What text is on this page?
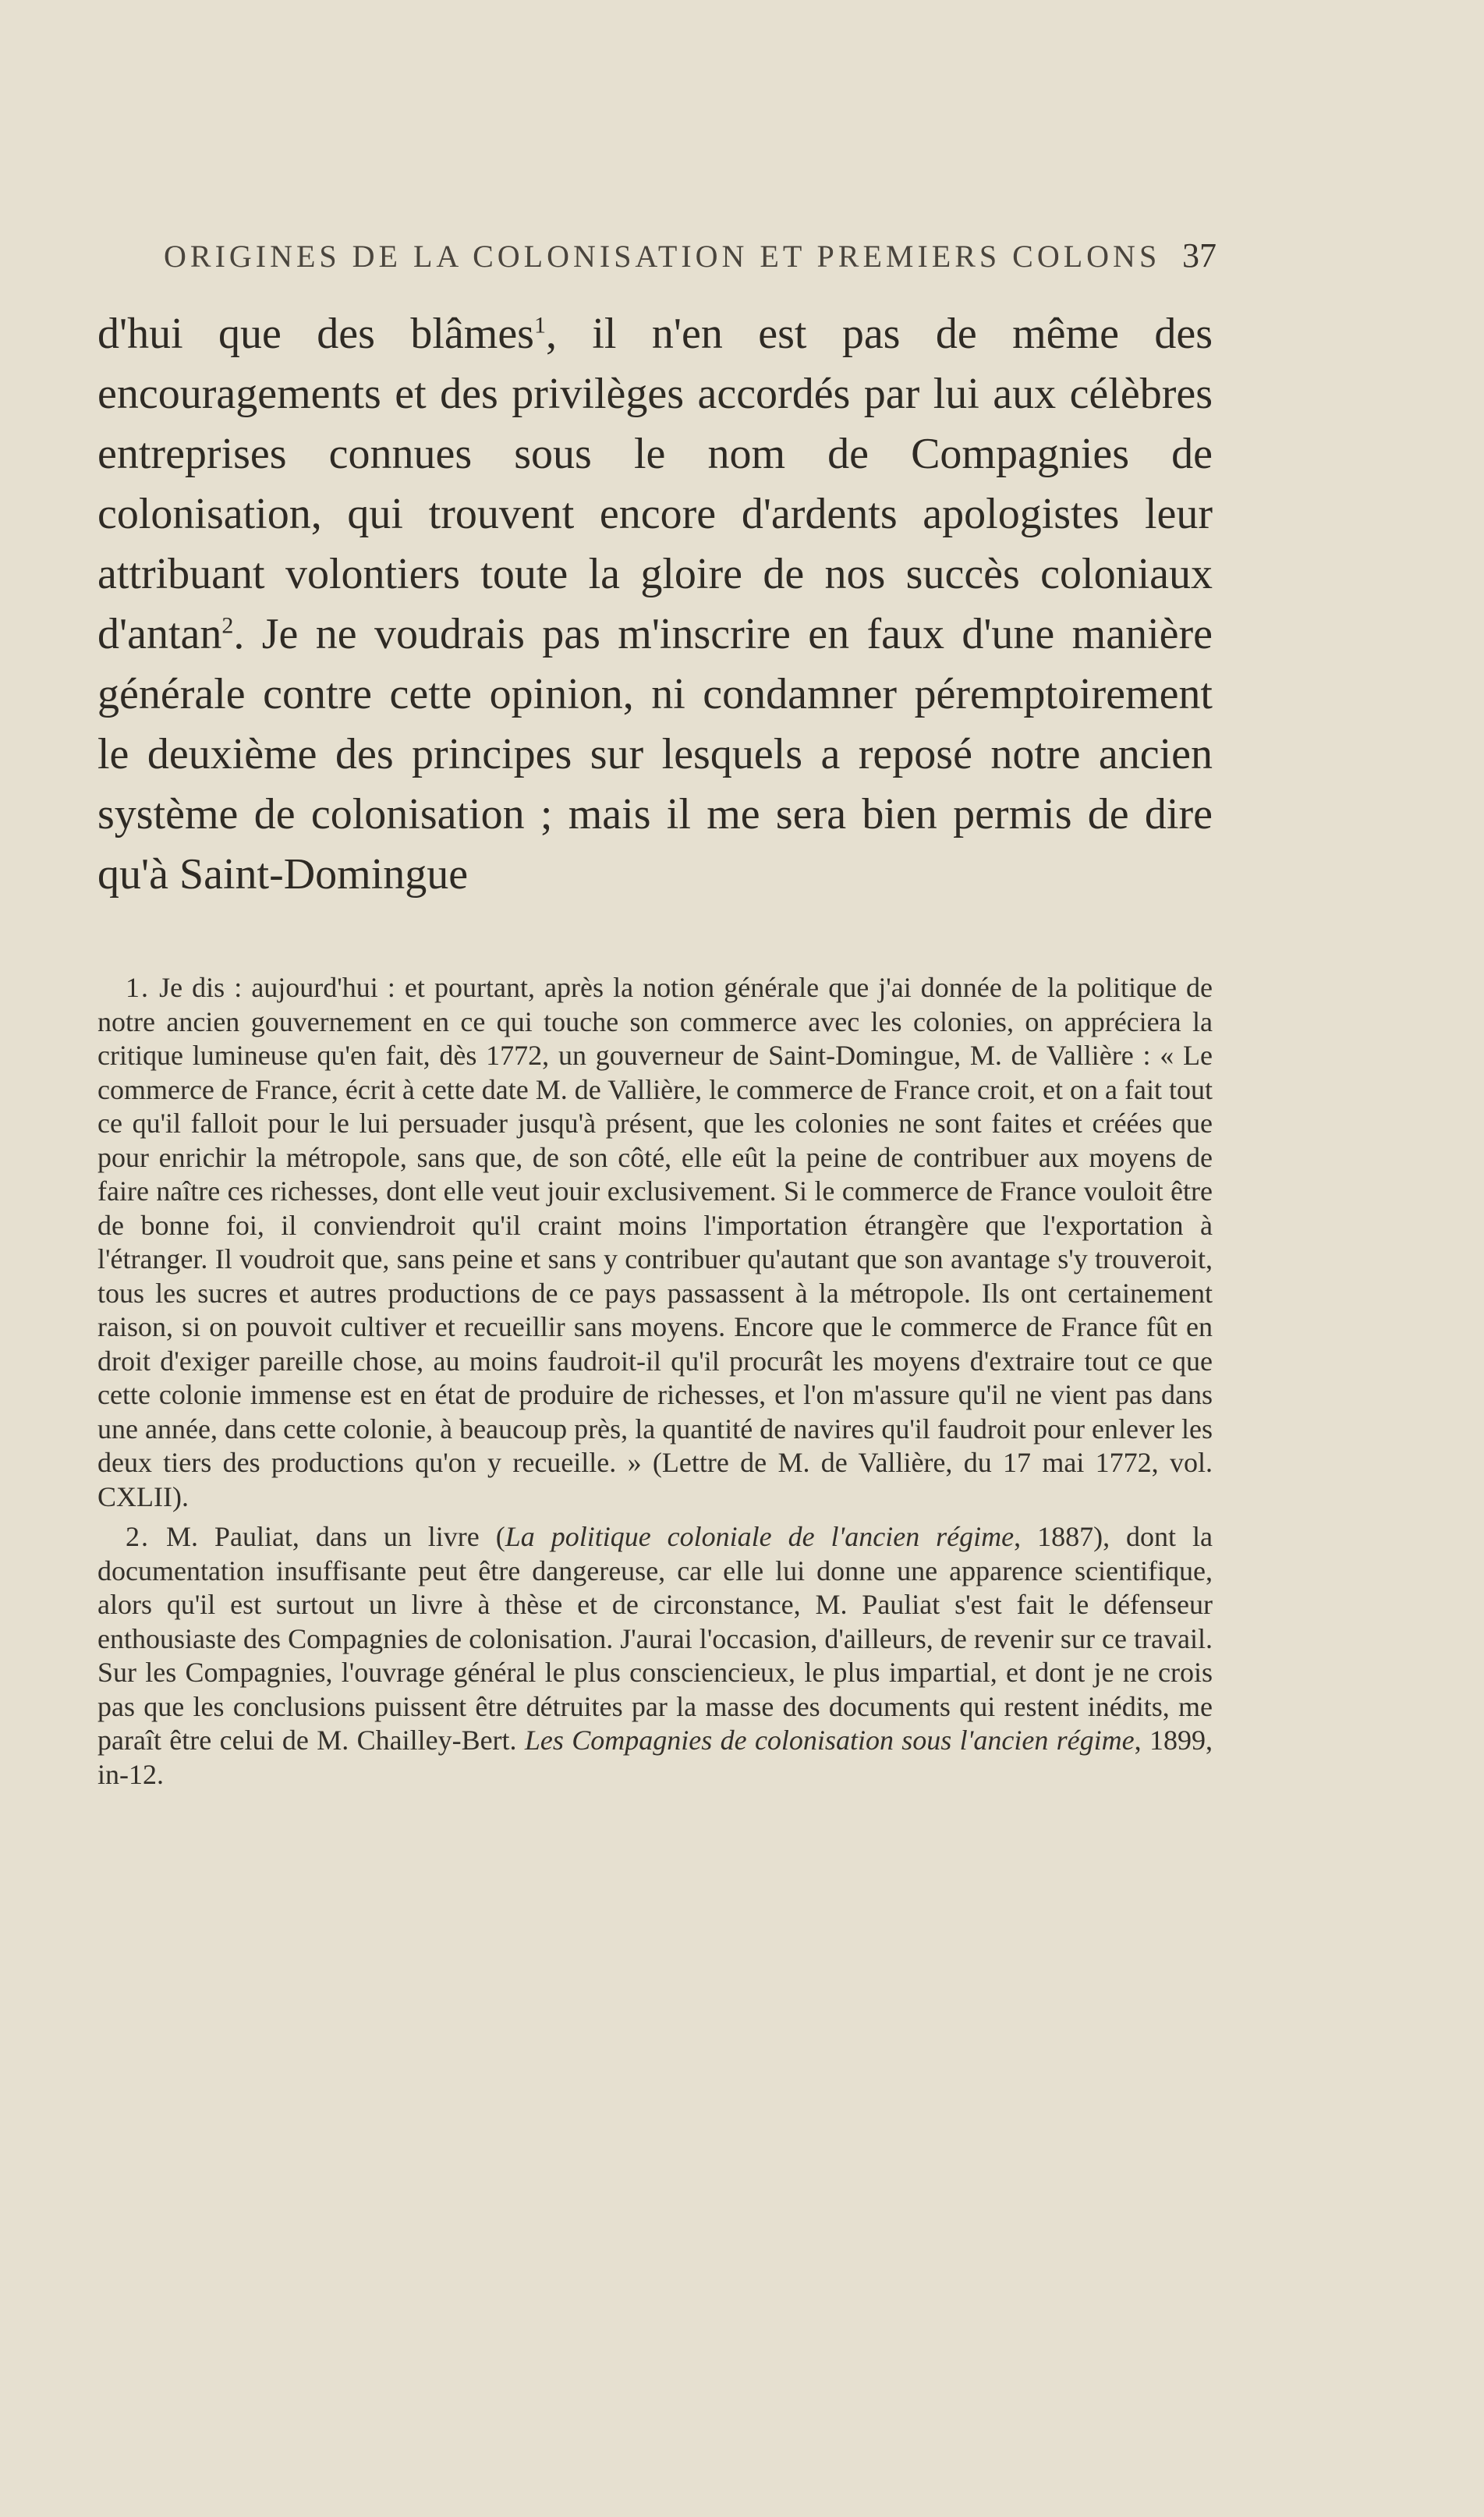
ORIGINES DE LA COLONISATION ET PREMIERS COLONS 37

d'hui que des blâmes$^1$, il n'en est pas de même des encouragements et des privilèges accordés par lui aux célèbres entreprises connues sous le nom de Compagnies de colonisation, qui trouvent encore d'ardents apologistes leur attribuant volontiers toute la gloire de nos succès coloniaux d'antan$^2$. Je ne voudrais pas m'inscrire en faux d'une manière générale contre cette opinion, ni condamner péremptoirement le deuxième des principes sur lesquels a reposé notre ancien système de colonisation ; mais il me sera bien permis de dire qu'à Saint-Domingue

1. Je dis : aujourd'hui : et pourtant, après la notion générale que j'ai donnée de la politique de notre ancien gouvernement en ce qui touche son commerce avec les colonies, on appréciera la critique lumineuse qu'en fait, dès 1772, un gouverneur de Saint-Domingue, M. de Vallière : « Le commerce de France, écrit à cette date M. de Vallière, le commerce de France croit, et on a fait tout ce qu'il falloit pour le lui persuader jusqu'à présent, que les colonies ne sont faites et créées que pour enrichir la métropole, sans que, de son côté, elle eût la peine de contribuer aux moyens de faire naître ces richesses, dont elle veut jouir exclusivement. Si le commerce de France vouloit être de bonne foi, il conviendroit qu'il craint moins l'importation étrangère que l'exportation à l'étranger. Il voudroit que, sans peine et sans y contribuer qu'autant que son avantage s'y trouveroit, tous les sucres et autres productions de ce pays passassent à la métropole. Ils ont certainement raison, si on pouvoit cultiver et recueillir sans moyens. Encore que le commerce de France fût en droit d'exiger pareille chose, au moins faudroit-il qu'il procurât les moyens d'extraire tout ce que cette colonie immense est en état de produire de richesses, et l'on m'assure qu'il ne vient pas dans une année, dans cette colonie, à beaucoup près, la quantité de navires qu'il faudroit pour enlever les deux tiers des productions qu'on y recueille. » (Lettre de M. de Vallière, du 17 mai 1772, vol. CXLII).

2. M. Pauliat, dans un livre (La politique coloniale de l'ancien régime, 1887), dont la documentation insuffisante peut être dangereuse, car elle lui donne une apparence scientifique, alors qu'il est surtout un livre à thèse et de circonstance, M. Pauliat s'est fait le défenseur enthousiaste des Compagnies de colonisation. J'aurai l'occasion, d'ailleurs, de revenir sur ce travail. Sur les Compagnies, l'ouvrage général le plus consciencieux, le plus impartial, et dont je ne crois pas que les conclusions puissent être détruites par la masse des documents qui restent inédits, me paraît être celui de M. Chailley-Bert. Les Compagnies de colonisation sous l'ancien régime, 1899, in-12.
